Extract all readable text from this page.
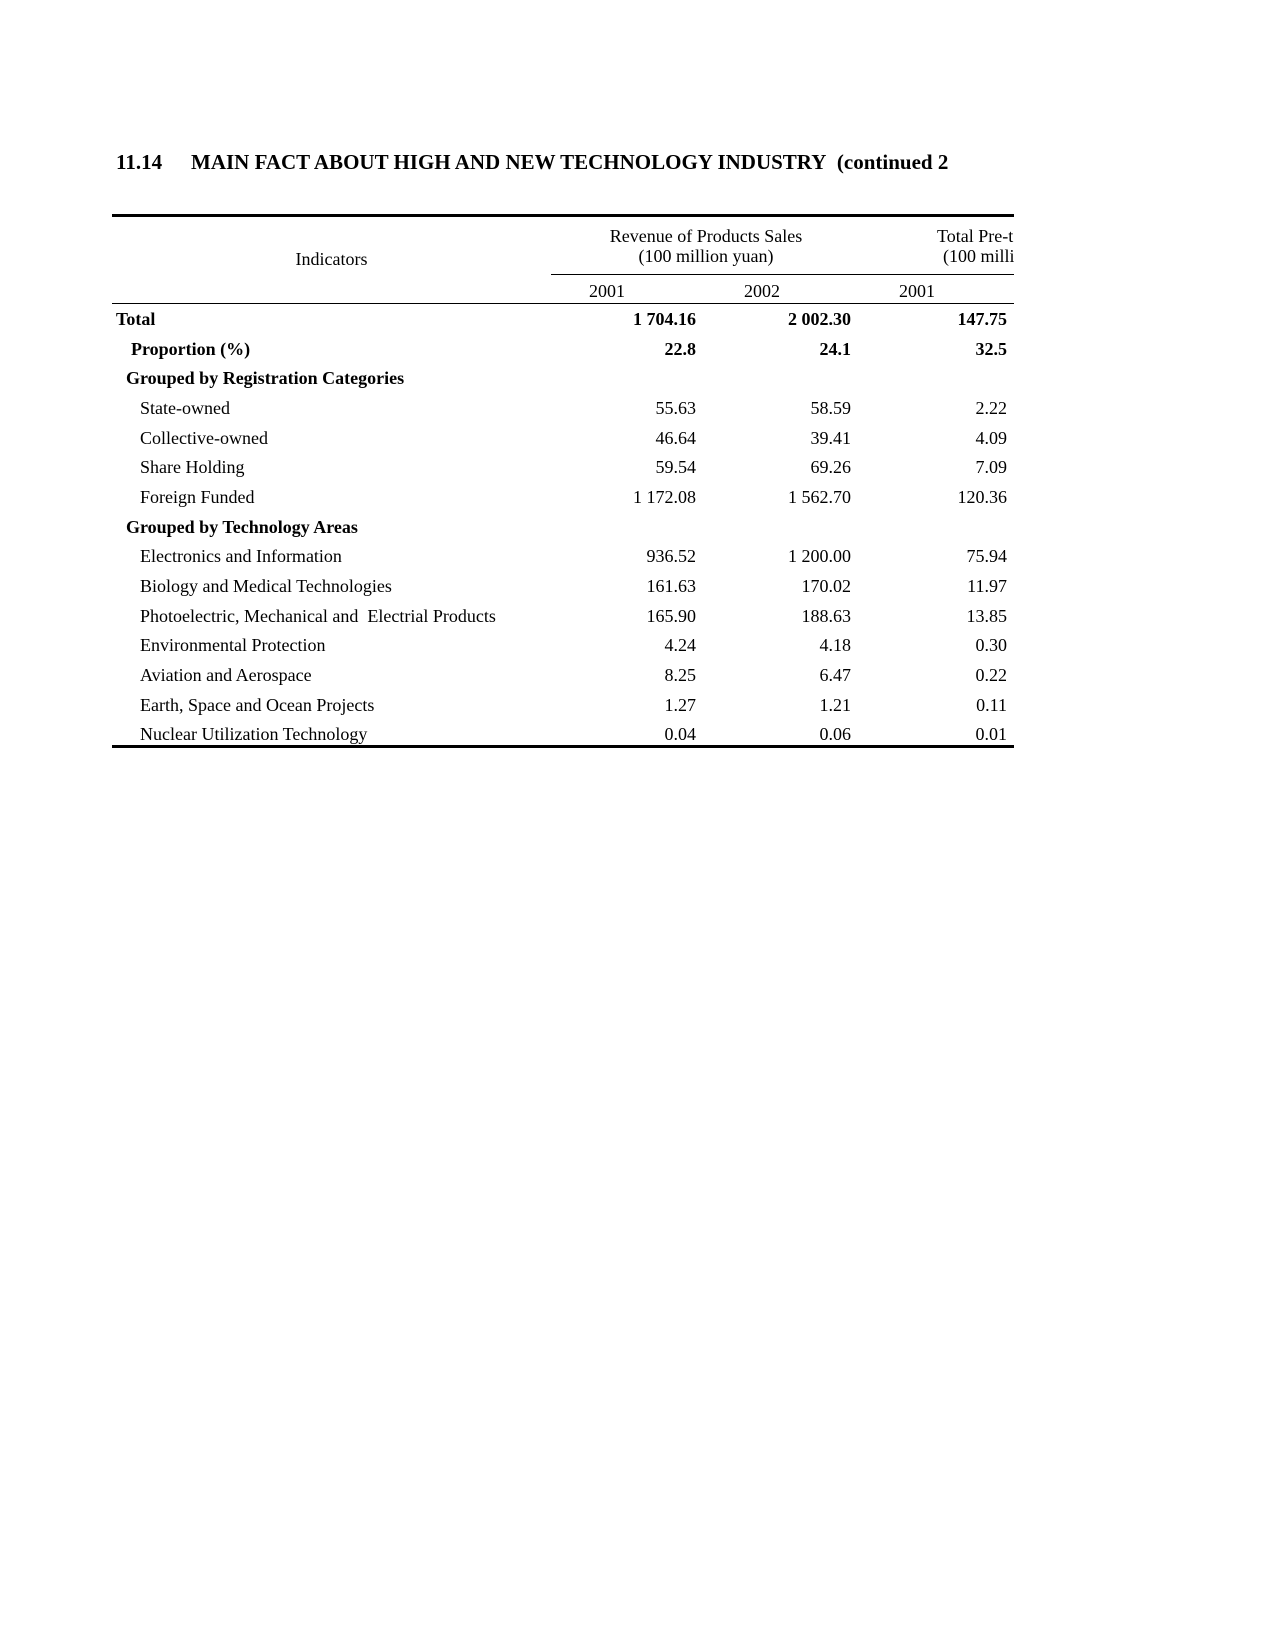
11.14 MAIN FACT ABOUT HIGH AND NEW TECHNOLOGY INDUSTRY (continued 2
Indicators
Revenue of Products Sales
(100 million yuan)
Total Pre-t
(100 milli
2001	2002	2001
Total	1 704.16	2 002.30	147.75
Proportion (%)	22.8	24.1	32.5
Grouped by Registration Categories
State-owned	55.63	58.59	2.22
Collective-owned	46.64	39.41	4.09
Share Holding	59.54	69.26	7.09
Foreign Funded	1 172.08	1 562.70	120.36
Grouped by Technology Areas
Electronics and Information	936.52	1 200.00	75.94
Biology and Medical Technologies	161.63	170.02	11.97
Photoelectric, Mechanical and  Electrial Products	165.90	188.63	13.85
Environmental Protection	4.24	4.18	0.30
Aviation and Aerospace	8.25	6.47	0.22
Earth, Space and Ocean Projects	1.27	1.21	0.11
Nuclear Utilization Technology	0.04	0.06	0.01
